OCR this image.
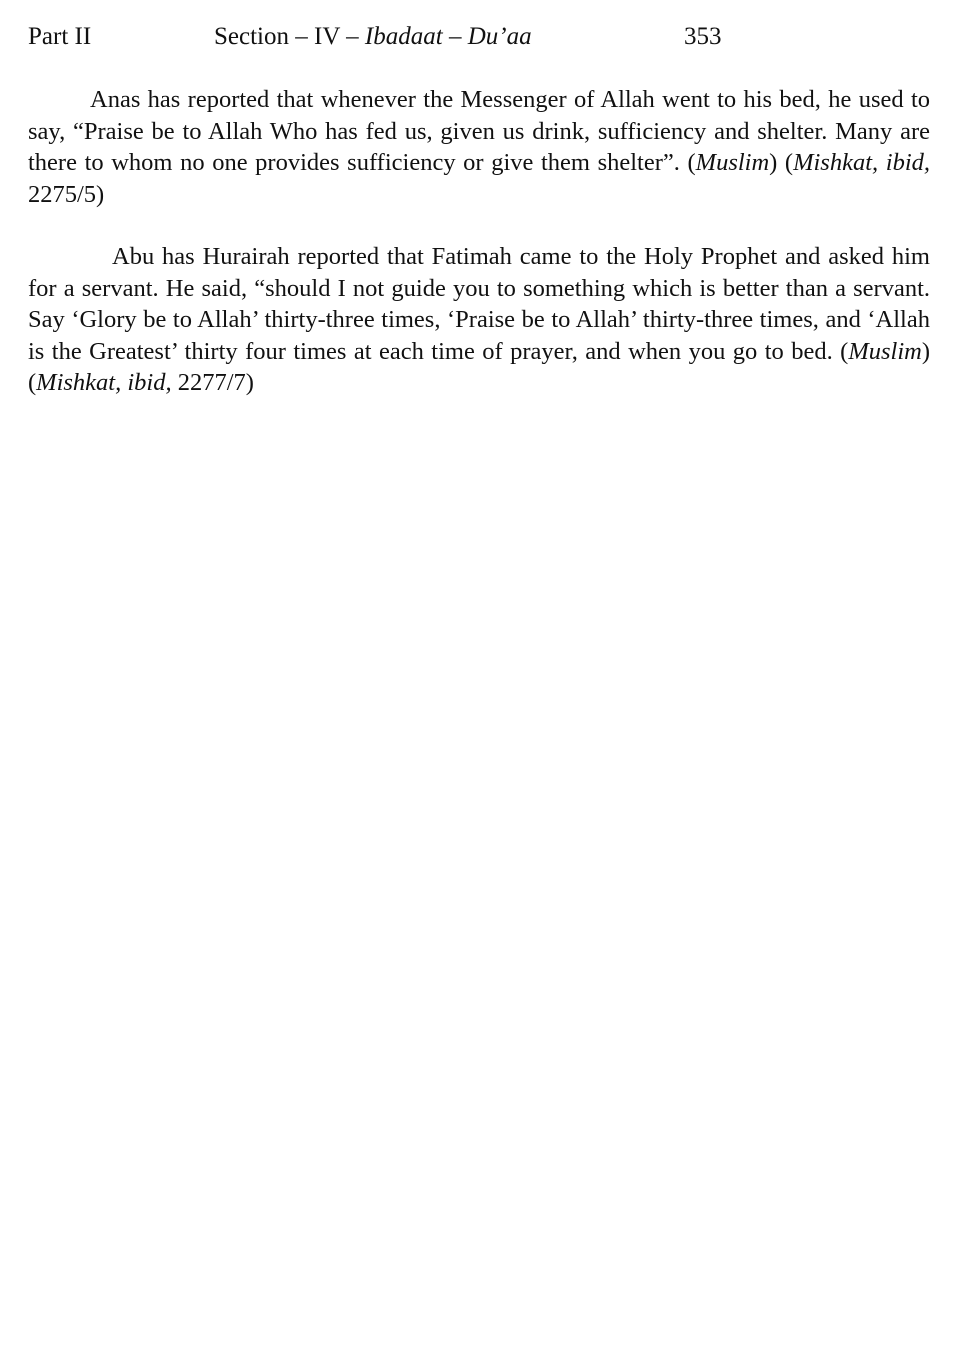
Part II	Section – IV – Ibadaat – Du’aa	353

Anas has reported that whenever the Messenger of Allah went to his bed, he used to say, “Praise be to Allah Who has fed us, given us drink, sufficiency and shelter. Many are there to whom no one provides sufficiency or give them shelter”. (Muslim) (Mishkat, ibid, 2275/5)

Abu has Hurairah reported that Fatimah came to the Holy Prophet and asked him for a servant. He said, “should I not guide you to something which is better than a servant. Say ‘Glory be to Allah’ thirty-three times, ‘Praise be to Allah’ thirty-three times, and ‘Allah is the Greatest’ thirty four times at each time of prayer, and when you go to bed. (Muslim) (Mishkat, ibid, 2277/7)
